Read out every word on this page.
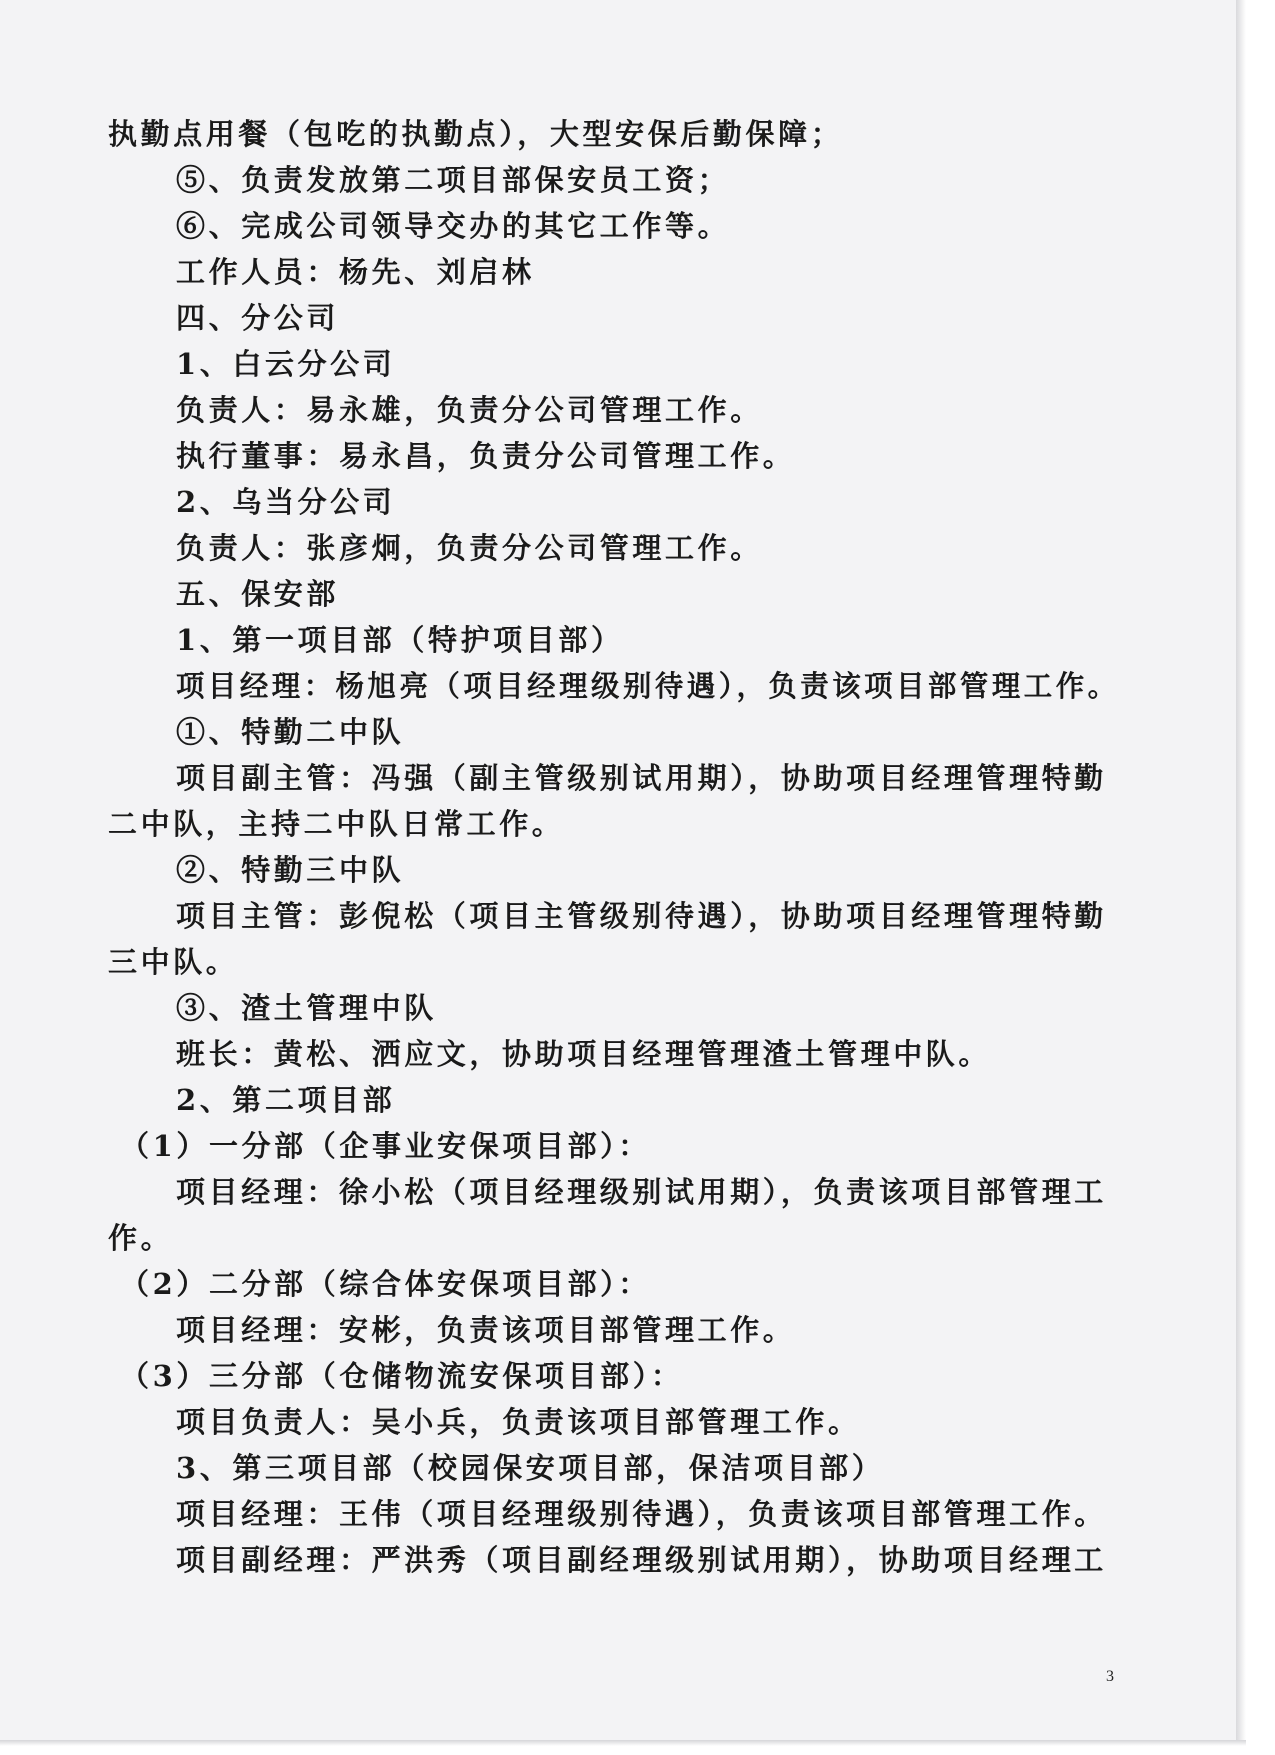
执勤点用餐（包吃的执勤点），大型安保后勤保障；
⑤、负责发放第二项目部保安员工资；
⑥、完成公司领导交办的其它工作等。
工作人员：杨先、刘启林
四、分公司
1、白云分公司
负责人：易永雄，负责分公司管理工作。
执行董事：易永昌，负责分公司管理工作。
2、乌当分公司
负责人：张彦炯，负责分公司管理工作。
五、保安部
1、第一项目部（特护项目部）
项目经理：杨旭亮（项目经理级别待遇），负责该项目部管理工作。
①、特勤二中队
项目副主管：冯强（副主管级别试用期），协助项目经理管理特勤
二中队，主持二中队日常工作。
②、特勤三中队
项目主管：彭倪松（项目主管级别待遇），协助项目经理管理特勤
三中队。
③、渣土管理中队
班长：黄松、洒应文，协助项目经理管理渣土管理中队。
2、第二项目部
（1）一分部（企事业安保项目部）：
项目经理：徐小松（项目经理级别试用期），负责该项目部管理工
作。
（2）二分部（综合体安保项目部）：
项目经理：安彬，负责该项目部管理工作。
（3）三分部（仓储物流安保项目部）：
项目负责人：吴小兵，负责该项目部管理工作。
3、第三项目部（校园保安项目部，保洁项目部）
项目经理：王伟（项目经理级别待遇），负责该项目部管理工作。
项目副经理：严洪秀（项目副经理级别试用期），协助项目经理工
3
